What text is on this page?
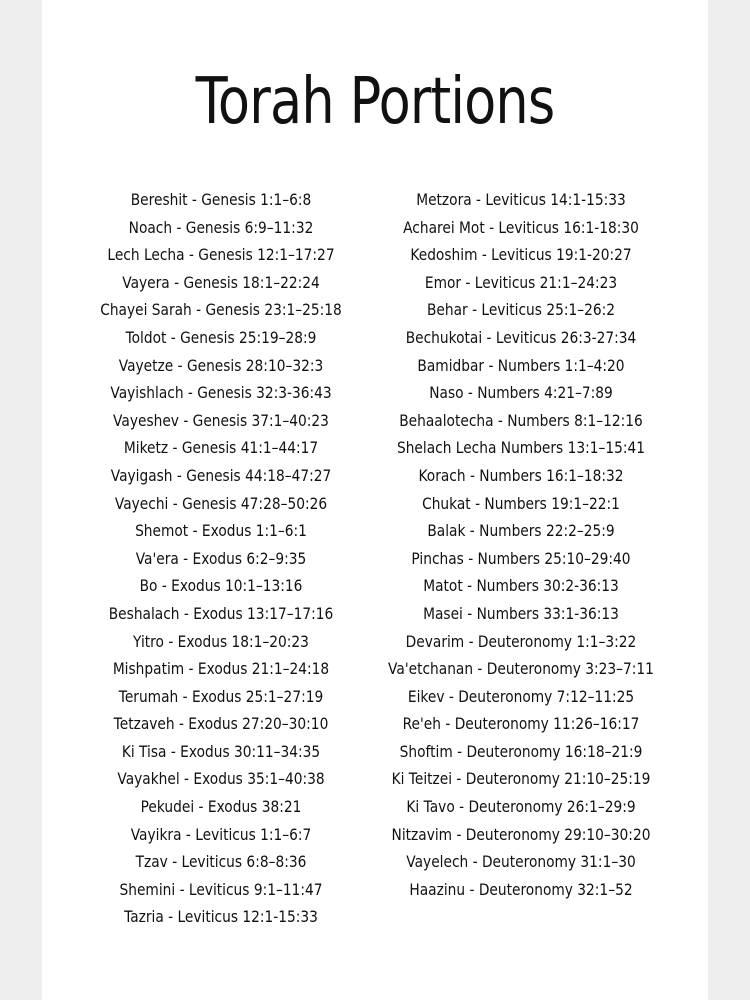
Torah Portions
Bereshit - Genesis 1:1–6:8
Noach - Genesis 6:9–11:32
Lech Lecha - Genesis 12:1–17:27
Vayera - Genesis 18:1–22:24
Chayei Sarah - Genesis 23:1–25:18
Toldot - Genesis 25:19–28:9
Vayetze - Genesis 28:10–32:3
Vayishlach - Genesis 32:3-36:43
Vayeshev - Genesis 37:1–40:23
Miketz - Genesis 41:1–44:17
Vayigash - Genesis 44:18–47:27
Vayechi - Genesis 47:28–50:26
Shemot - Exodus 1:1–6:1
Va'era - Exodus 6:2–9:35
Bo - Exodus 10:1–13:16
Beshalach - Exodus 13:17–17:16
Yitro - Exodus 18:1–20:23
Mishpatim - Exodus 21:1–24:18
Terumah - Exodus 25:1–27:19
Tetzaveh - Exodus 27:20–30:10
Ki Tisa - Exodus 30:11–34:35
Vayakhel - Exodus 35:1–40:38
Pekudei - Exodus 38:21
Vayikra - Leviticus 1:1–6:7
Tzav - Leviticus 6:8–8:36
Shemini - Leviticus 9:1–11:47
Tazria - Leviticus 12:1-15:33
Metzora - Leviticus 14:1-15:33
Acharei Mot - Leviticus 16:1-18:30
Kedoshim - Leviticus 19:1-20:27
Emor - Leviticus 21:1–24:23
Behar - Leviticus 25:1–26:2
Bechukotai - Leviticus 26:3-27:34
Bamidbar - Numbers 1:1–4:20
Naso - Numbers 4:21–7:89
Behaalotecha - Numbers 8:1–12:16
Shelach Lecha Numbers 13:1–15:41
Korach - Numbers 16:1–18:32
Chukat - Numbers 19:1–22:1
Balak - Numbers 22:2–25:9
Pinchas - Numbers 25:10–29:40
Matot - Numbers 30:2-36:13
Masei - Numbers 33:1-36:13
Devarim - Deuteronomy 1:1–3:22
Va'etchanan - Deuteronomy 3:23–7:11
Eikev - Deuteronomy 7:12–11:25
Re'eh - Deuteronomy 11:26–16:17
Shoftim - Deuteronomy 16:18–21:9
Ki Teitzei - Deuteronomy 21:10–25:19
Ki Tavo - Deuteronomy 26:1–29:9
Nitzavim - Deuteronomy 29:10–30:20
Vayelech - Deuteronomy 31:1–30
Haazinu - Deuteronomy 32:1–52
